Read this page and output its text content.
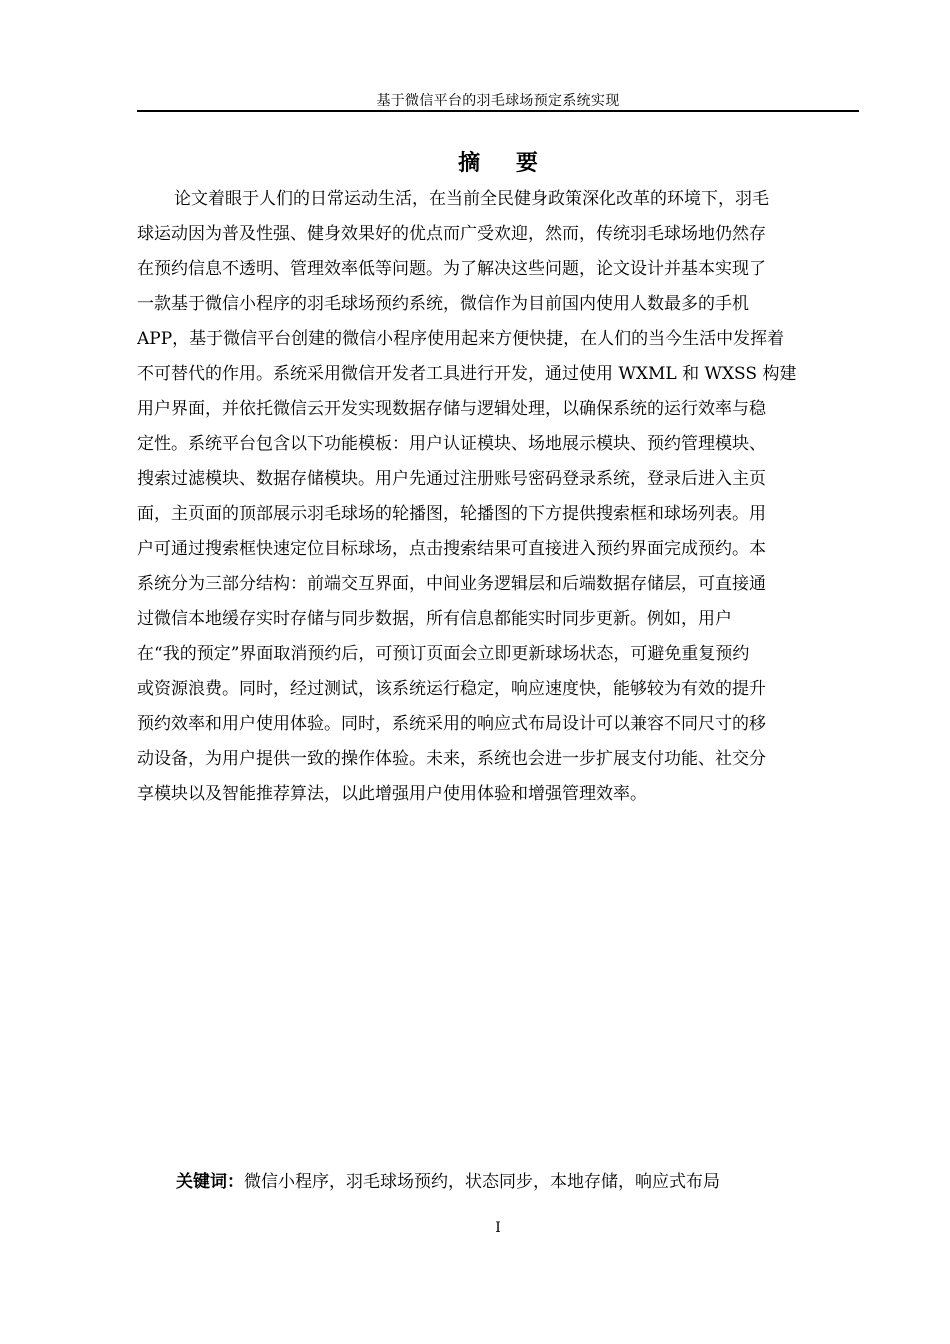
基于微信平台的羽毛球场预定系统实现
摘 要
论文着眼于人们的日常运动生活，在当前全民健身政策深化改革的环境下，羽毛
球运动因为普及性强、健身效果好的优点而广受欢迎，然而，传统羽毛球场地仍然存
在预约信息不透明、管理效率低等问题。为了解决这些问题，论文设计并基本实现了
一款基于微信小程序的羽毛球场预约系统，微信作为目前国内使用人数最多的手机
APP，基于微信平台创建的微信小程序使用起来方便快捷，在人们的当今生活中发挥着
不可替代的作用。系统采用微信开发者工具进行开发，通过使用 WXML 和 WXSS 构建
用户界面，并依托微信云开发实现数据存储与逻辑处理，以确保系统的运行效率与稳
定性。系统平台包含以下功能模板：用户认证模块、场地展示模块、预约管理模块、
搜索过滤模块、数据存储模块。用户先通过注册账号密码登录系统，登录后进入主页
面，主页面的顶部展示羽毛球场的轮播图，轮播图的下方提供搜索框和球场列表。用
户可通过搜索框快速定位目标球场，点击搜索结果可直接进入预约界面完成预约。本
系统分为三部分结构：前端交互界面，中间业务逻辑层和后端数据存储层，可直接通
过微信本地缓存实时存储与同步数据，所有信息都能实时同步更新。例如，用户
在“我的预定”界面取消预约后，可预订页面会立即更新球场状态，可避免重复预约
或资源浪费。同时，经过测试，该系统运行稳定，响应速度快，能够较为有效的提升
预约效率和用户使用体验。同时，系统采用的响应式布局设计可以兼容不同尺寸的移
动设备，为用户提供一致的操作体验。未来，系统也会进一步扩展支付功能、社交分
享模块以及智能推荐算法，以此增强用户使用体验和增强管理效率。
关键词：微信小程序，羽毛球场预约，状态同步，本地存储，响应式布局
I
